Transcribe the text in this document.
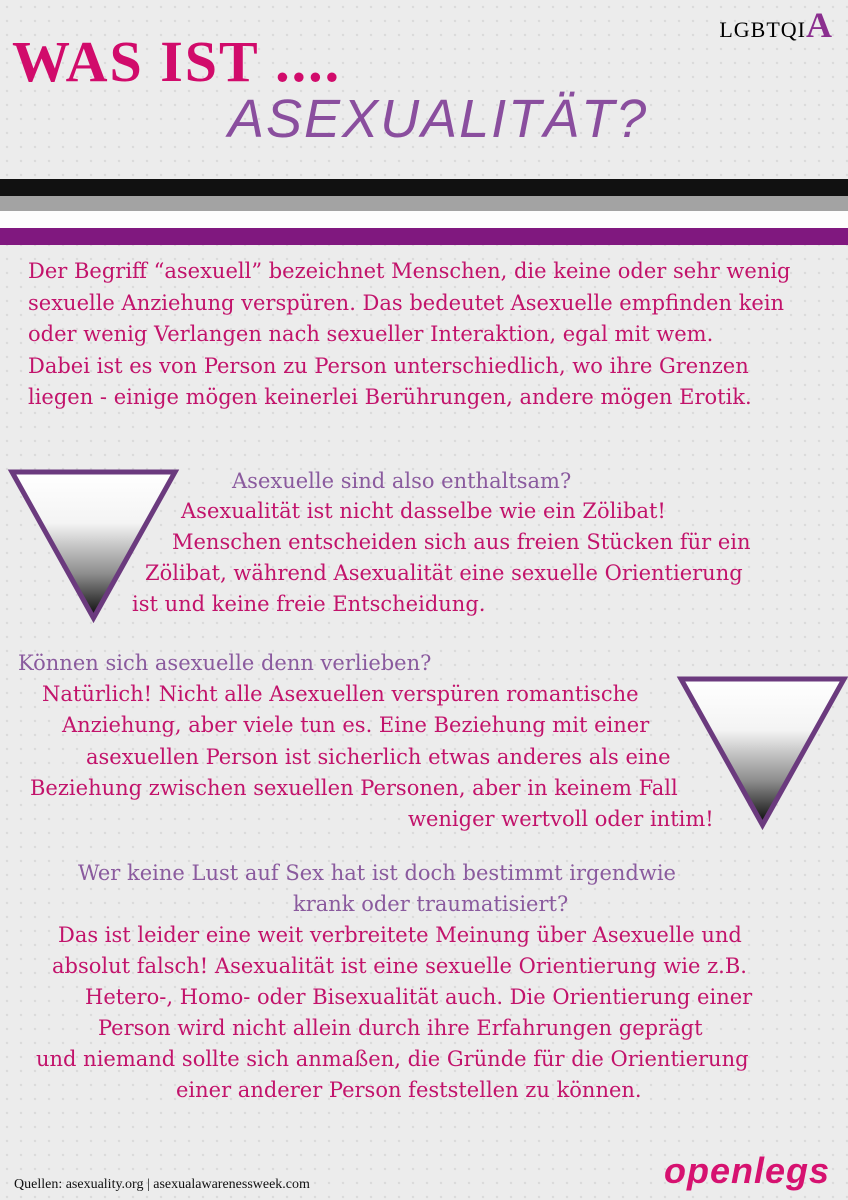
LGBTQIA
WAS IST ....
ASEXUALITÄT?
Der Begriff “asexuell” bezeichnet Menschen, die keine oder sehr wenig
sexuelle Anziehung verspüren. Das bedeutet Asexuelle empfinden kein
oder wenig Verlangen nach sexueller Interaktion, egal mit wem.
Dabei ist es von Person zu Person unterschiedlich, wo ihre Grenzen
liegen - einige mögen keinerlei Berührungen, andere mögen Erotik.
Asexuelle sind also enthaltsam?
Asexualität ist nicht dasselbe wie ein Zölibat!
Menschen entscheiden sich aus freien Stücken für ein
Zölibat, während Asexualität eine sexuelle Orientierung
ist und keine freie Entscheidung.
Können sich asexuelle denn verlieben?
Natürlich! Nicht alle Asexuellen verspüren romantische
Anziehung, aber viele tun es. Eine Beziehung mit einer
asexuellen Person ist sicherlich etwas anderes als eine
Beziehung zwischen sexuellen Personen, aber in keinem Fall
weniger wertvoll oder intim!
Wer keine Lust auf Sex hat ist doch bestimmt irgendwie
krank oder traumatisiert?
Das ist leider eine weit verbreitete Meinung über Asexuelle und
absolut falsch! Asexualität ist eine sexuelle Orientierung wie z.B.
Hetero-, Homo- oder Bisexualität auch. Die Orientierung einer
Person wird nicht allein durch ihre Erfahrungen geprägt
und niemand sollte sich anmaßen, die Gründe für die Orientierung
einer anderer Person feststellen zu können.
Quellen: asexuality.org | asexualawarenessweek.com	openlegs
